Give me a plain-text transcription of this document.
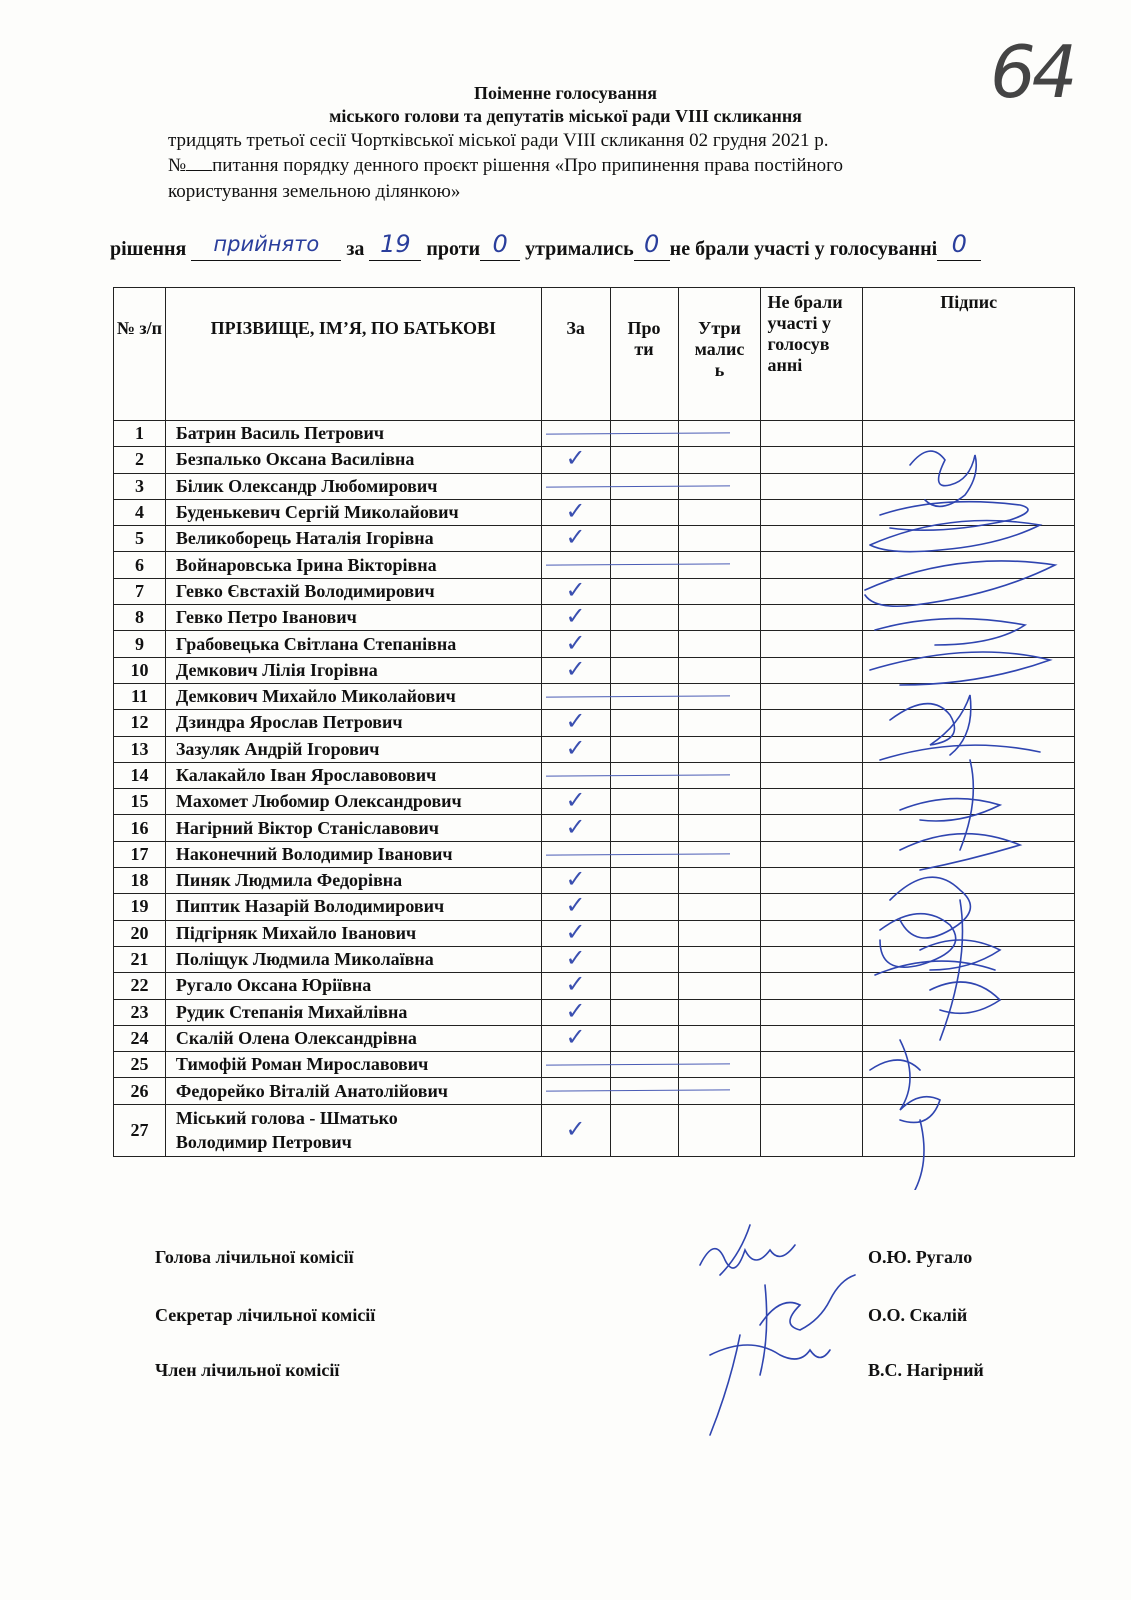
64
Поіменне голосування
міського голови та депутатів міської ради VIII скликання
тридцять третьої сесії Чортківської міської ради VIII скликання 02 грудня 2021 р.
№ питання порядку денного проєкт рішення «Про припинення права постійного
користування земельною ділянкою»
рішення прийнято за 19 проти 0 утримались 0 не брали участі у голосуванні 0
№ з/п	ПРІЗВИЩЕ, ІМ’Я, ПО БАТЬКОВІ	За	Про ти	Утри малис ь	Не брали участі у голосув анні	Підпис
1	Батрин Василь Петрович	

2	Безпалько Оксана Василівна	✓				
3	Білик Олександр Любомирович	

4	Буденькевич Сергій Миколайович	✓				
5	Великоборець Наталія Ігорівна	✓				
6	Войнаровська Ірина Вікторівна	

7	Гевко Євстахій Володимирович	✓				
8	Гевко Петро Іванович	✓				
9	Грабовецька Світлана Степанівна	✓				
10	Демкович Лілія Ігорівна	✓				
11	Демкович Михайло Миколайович	

12	Дзиндра Ярослав Петрович	✓				
13	Зазуляк Андрій Ігорович	✓				
14	Калакайло Іван Ярославовович	

15	Махомет Любомир Олександрович	✓				
16	Нагірний Віктор Станіславович	✓				
17	Наконечний Володимир Іванович	

18	Пиняк Людмила Федорівна	✓				
19	Пиптик Назарій Володимирович	✓				
20	Підгірняк Михайло Іванович	✓				
21	Поліщук Людмила Миколаївна	✓				
22	Ругало Оксана Юріївна	✓				
23	Рудик Степанія Михайлівна	✓				
24	Скалій Олена Олександрівна	✓				
25	Тимофій Роман Мирославович	

26	Федорейко Віталій Анатолійович	

27	Міський голова - Шматько Володимир Петрович	✓				
Голова лічильної комісії	О.Ю. Ругало
Секретар лічильної комісії	О.О. Скалій
Член лічильної комісії	В.С. Нагірний
